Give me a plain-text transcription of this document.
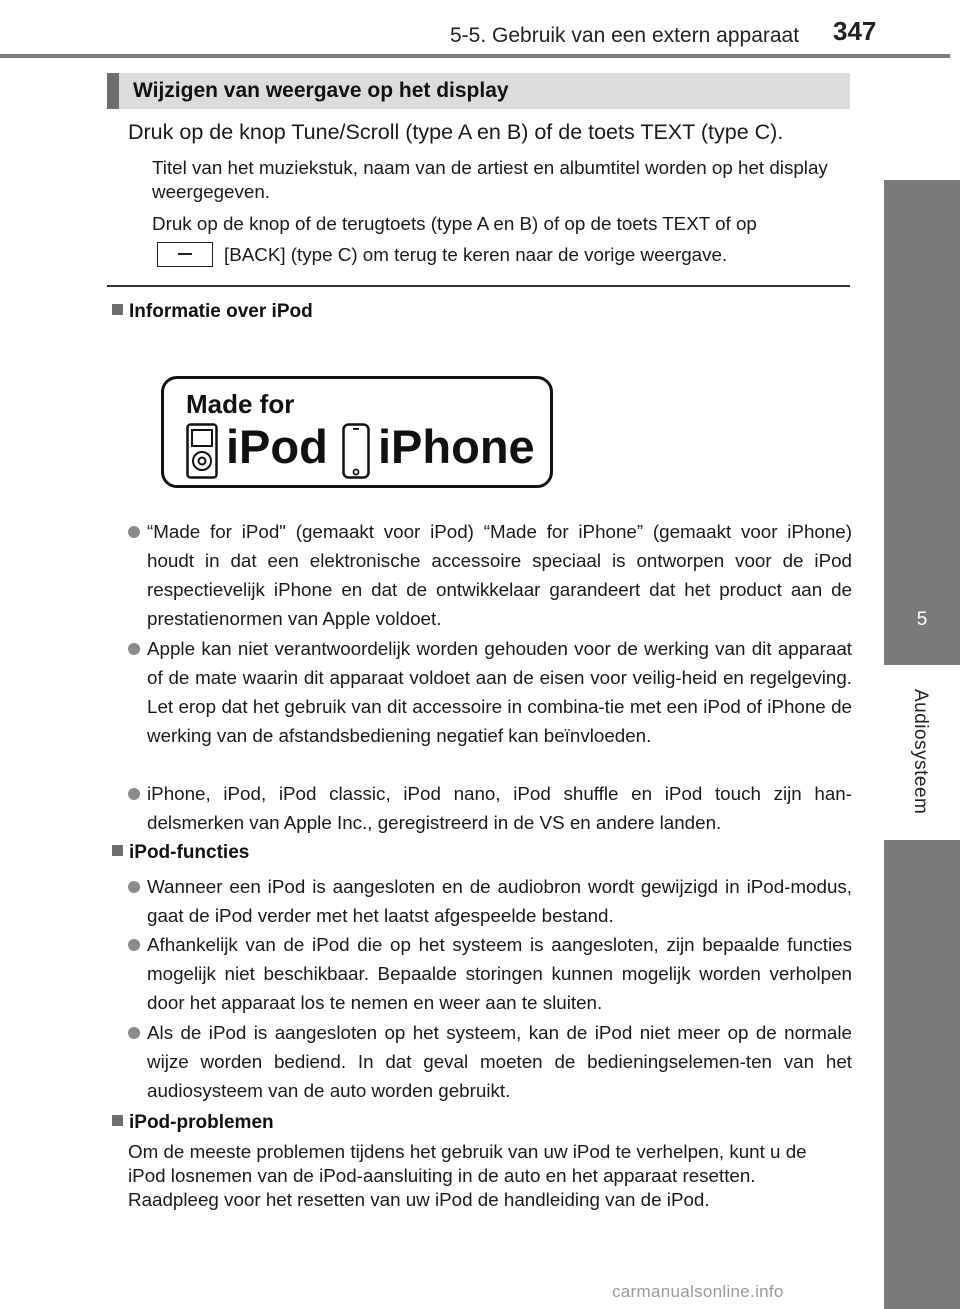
5
Audiosysteem
5-5. Gebruik van een extern apparaat 347
Wijzigen van weergave op het display
Druk op de knop Tune/Scroll (type A en B) of de toets TEXT (type C).
Titel van het muziekstuk, naam van de artiest en albumtitel worden op het display weergegeven.
Druk op de knop of de terugtoets (type A en B) of op de toets TEXT of op
[BACK] (type C) om terug te keren naar de vorige weergave.
Informatie over iPod
Made for
iPod iPhone
“Made for iPod" (gemaakt voor iPod) “Made for iPhone” (gemaakt voor iPhone) houdt in dat een elektronische accessoire speciaal is ontworpen voor de iPod respectievelijk iPhone en dat de ontwikkelaar garandeert dat het product aan de prestatienormen van Apple voldoet.
Apple kan niet verantwoordelijk worden gehouden voor de werking van dit apparaat of de mate waarin dit apparaat voldoet aan de eisen voor veilig-heid en regelgeving. Let erop dat het gebruik van dit accessoire in combina-tie met een iPod of iPhone de werking van de afstandsbediening negatief kan beïnvloeden.
iPhone, iPod, iPod classic, iPod nano, iPod shuffle en iPod touch zijn han-delsmerken van Apple Inc., geregistreerd in de VS en andere landen.
iPod-functies
Wanneer een iPod is aangesloten en de audiobron wordt gewijzigd in iPod-modus, gaat de iPod verder met het laatst afgespeelde bestand.
Afhankelijk van de iPod die op het systeem is aangesloten, zijn bepaalde functies mogelijk niet beschikbaar. Bepaalde storingen kunnen mogelijk worden verholpen door het apparaat los te nemen en weer aan te sluiten.
Als de iPod is aangesloten op het systeem, kan de iPod niet meer op de normale wijze worden bediend. In dat geval moeten de bedieningselemen-ten van het audiosysteem van de auto worden gebruikt.
iPod-problemen
Om de meeste problemen tijdens het gebruik van uw iPod te verhelpen, kunt u de iPod losnemen van de iPod-aansluiting in de auto en het apparaat resetten. Raadpleeg voor het resetten van uw iPod de handleiding van de iPod.
carmanualsonline.info
